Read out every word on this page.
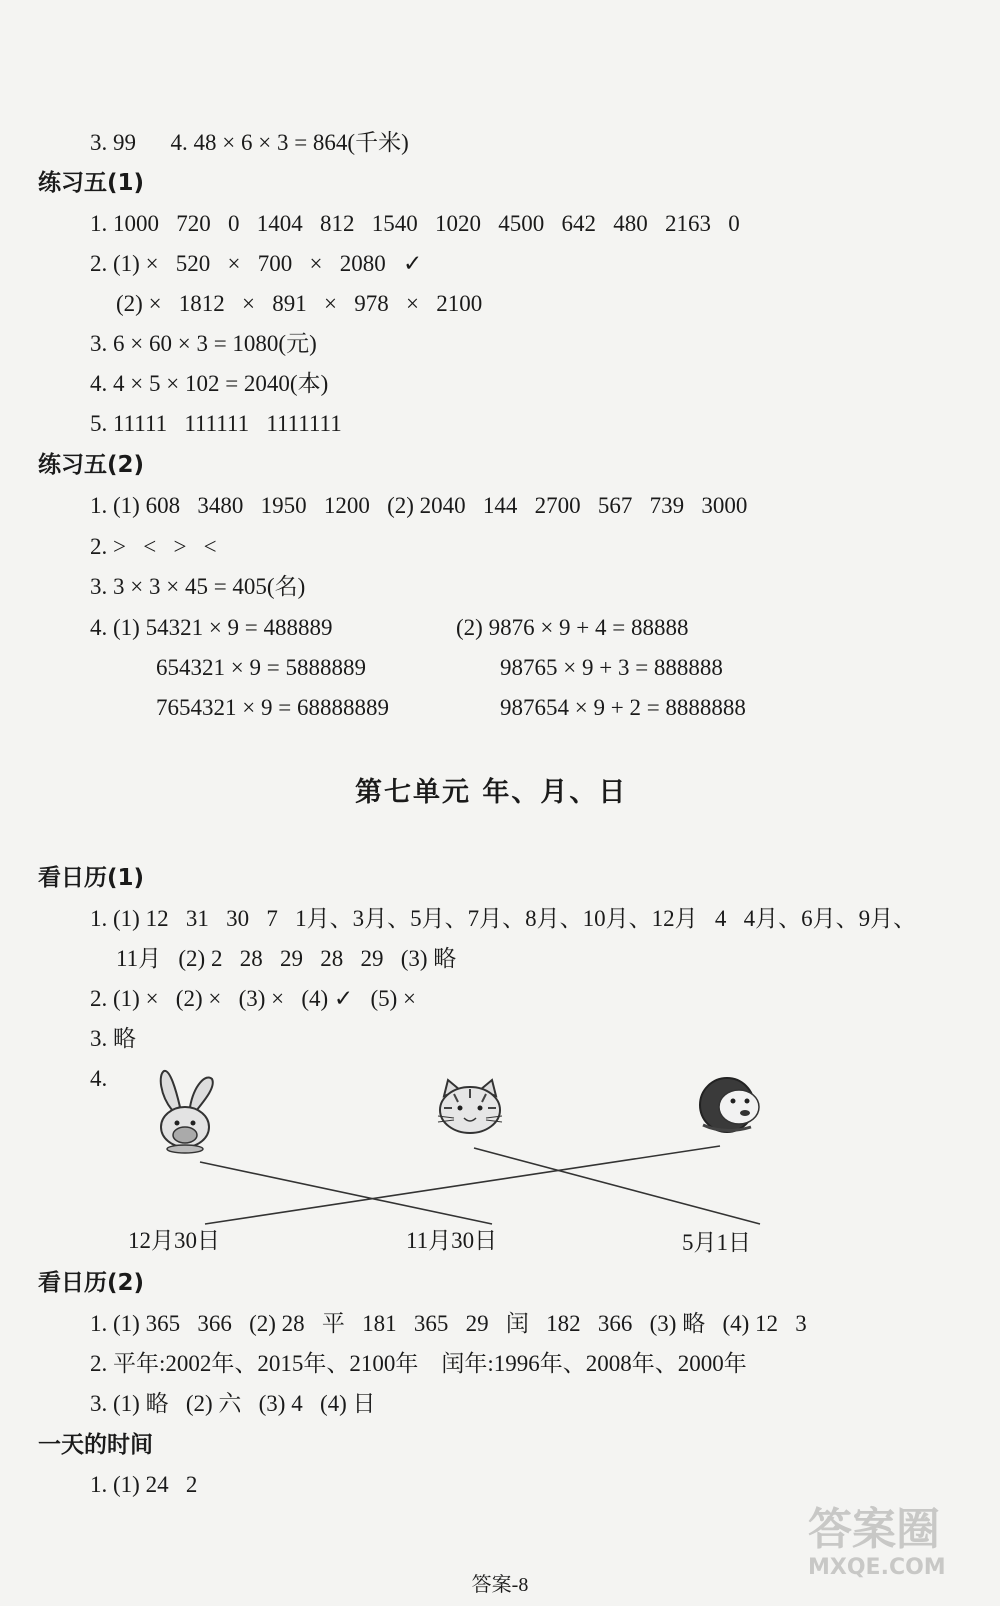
3. 99      4. 48 × 6 × 3 = 864(千米)
练习五(1)
1. 1000   720   0   1404   812   1540   1020   4500   642   480   2163   0
2. (1) ×   520   ×   700   ×   2080   ✓
(2) ×   1812   ×   891   ×   978   ×   2100
3. 6 × 60 × 3 = 1080(元)
4. 4 × 5 × 102 = 2040(本)
5. 11111   111111   1111111
练习五(2)
1. (1) 608   3480   1950   1200   (2) 2040   144   2700   567   739   3000
2. >   <   >   <
3. 3 × 3 × 45 = 405(名)
4. (1) 54321 × 9 = 488889
654321 × 9 = 5888889
7654321 × 9 = 68888889
(2) 9876 × 9 + 4 = 88888
98765 × 9 + 3 = 888888
987654 × 9 + 2 = 8888888
第七单元 年、月、日
看日历(1)
1. (1) 12   31   30   7   1月、3月、5月、7月、8月、10月、12月   4   4月、6月、9月、
11月   (2) 2   28   29   28   29   (3) 略
2. (1) ×   (2) ×   (3) ×   (4) ✓   (5) ×
3. 略
4.
12月30日	11月30日	5月1日
看日历(2)
1. (1) 365   366   (2) 28   平   181   365   29   闰   182   366   (3) 略   (4) 12   3
2. 平年:2002年、2015年、2100年    闰年:1996年、2008年、2000年
3. (1) 略   (2) 六   (3) 4   (4) 日
一天的时间
1. (1) 24   2
答案-8
答案圈
MXQE.COM
